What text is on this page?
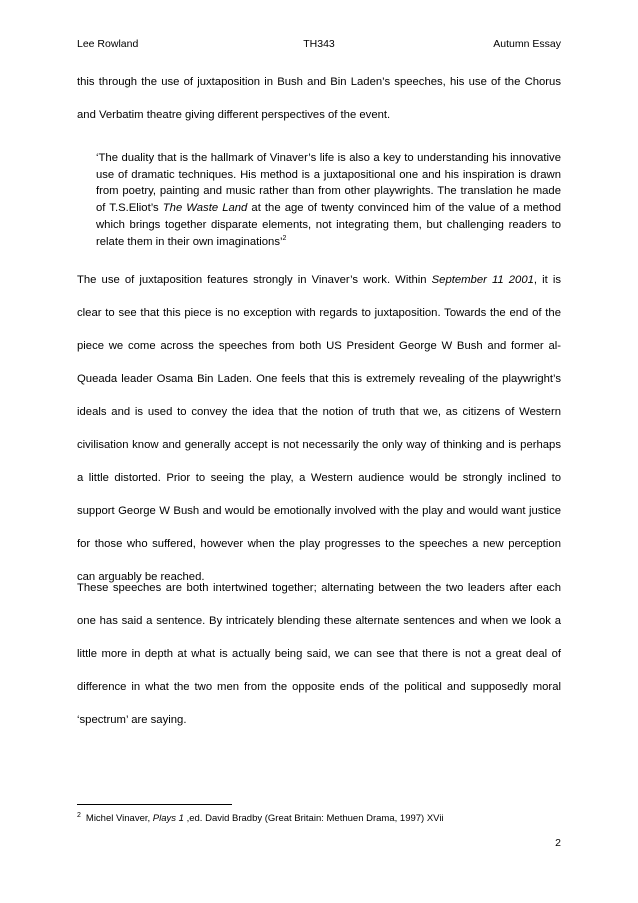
Lee Rowland	TH343	Autumn Essay

this through the use of juxtaposition in Bush and Bin Laden’s speeches, his use of the Chorus and Verbatim theatre giving different perspectives of the event.

The use of juxtaposition features strongly in Vinaver’s work. Within September 11 2001, it is clear to see that this piece is no exception with regards to juxtaposition. Towards the end of the piece we come across the speeches from both US President George W Bush and former al-Queada leader Osama Bin Laden. One feels that this is extremely revealing of the playwright’s ideals and is used to convey the idea that the notion of truth that we, as citizens of Western civilisation know and generally accept is not necessarily the only way of thinking and is perhaps a little distorted. Prior to seeing the play, a Western audience would be strongly inclined to support George W Bush and would be emotionally involved with the play and would want justice for those who suffered, however when the play progresses to the speeches a new perception can arguably be reached.

These speeches are both intertwined together; alternating between the two leaders after each one has said a sentence. By intricately blending these alternate sentences and when we look a little more in depth at what is actually being said, we can see that there is not a great deal of difference in what the two men from the opposite ends of the political and supposedly moral ‘spectrum’ are saying.

‘The duality that is the hallmark of Vinaver’s life is also a key to understanding his innovative use of dramatic techniques. His method is a juxtapositional one and his inspiration is drawn from poetry, painting and music rather than from other playwrights. The translation he made of T.S.Eliot’s The Waste Land at the age of twenty convinced him of the value of a method which brings together disparate elements, not integrating them, but challenging readers to relate them in their own imaginations’$^2$

$^2$ Michel Vinaver, Plays 1 ,ed. David Bradby (Great Britain: Methuen Drama, 1997) XVii
2
